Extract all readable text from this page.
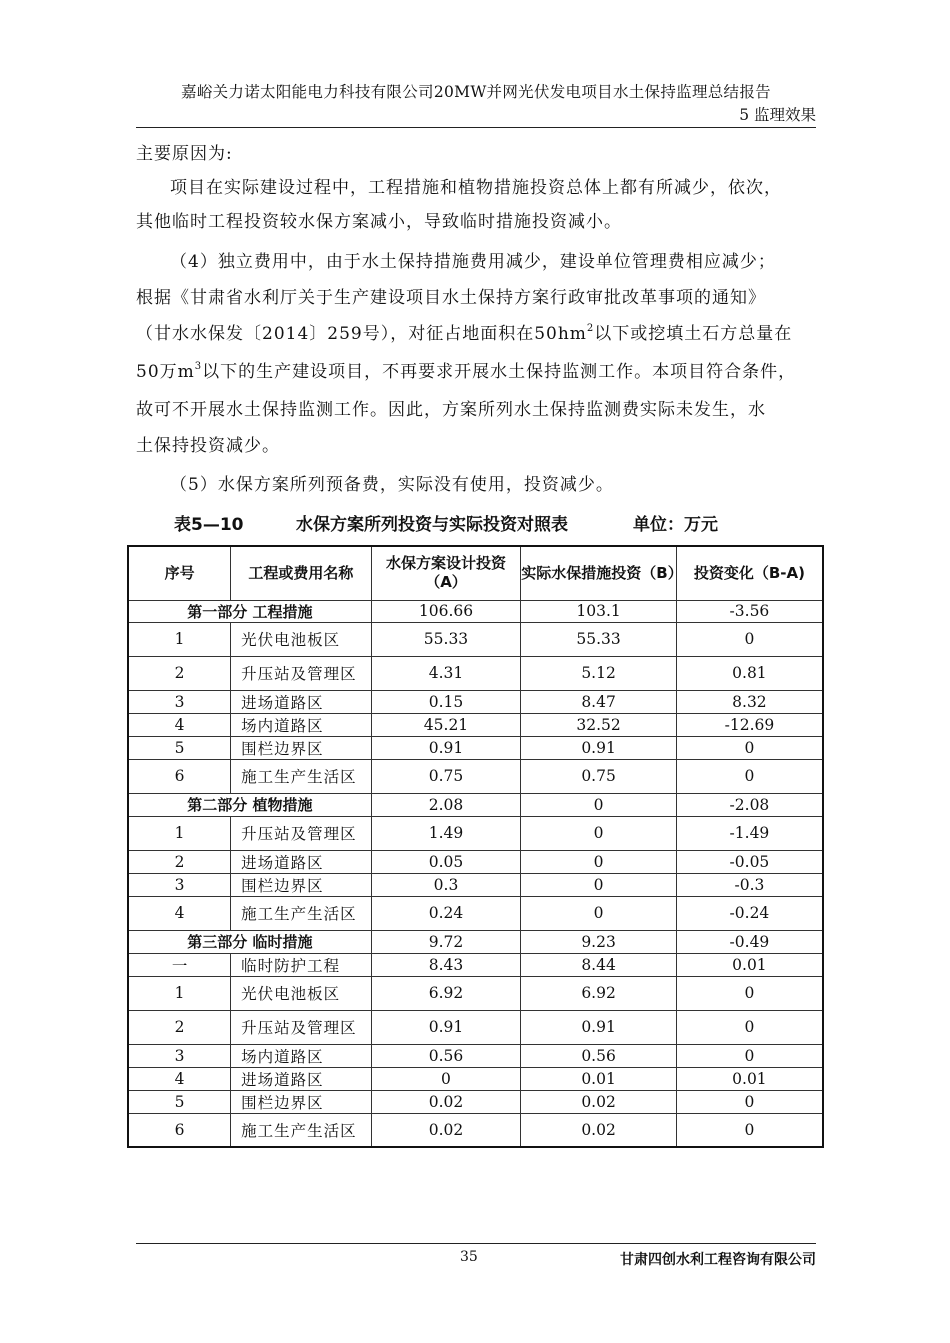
嘉峪关力诺太阳能电力科技有限公司20MW并网光伏发电项目水土保持监理总结报告
5 监理效果
主要原因为:
项目在实际建设过程中，工程措施和植物措施投资总体上都有所减少，依次，
其他临时工程投资较水保方案减小，导致临时措施投资减小。
（4）独立费用中，由于水土保持措施费用减少，建设单位管理费相应减少；
根据《甘肃省水利厅关于生产建设项目水土保持方案行政审批改革事项的通知》
（甘水水保发〔2014〕259号），对征占地面积在$50hm^2$以下或挖填土石方总量在
50万$m^3$以下的生产建设项目，不再要求开展水土保持监测工作。本项目符合条件，
故可不开展水土保持监测工作。因此，方案所列水土保持监测费实际未发生，水
土保持投资减少。
（5）水保方案所列预备费，实际没有使用，投资减少。
表5—10	水保方案所列投资与实际投资对照表	单位：万元
序号	工程或费用名称	水保方案设计投资（A）	实际水保措施投资（B）	投资变化（B-A)
第一部分 工程措施		106.66	103.1	-3.56
1	光伏电池板区	55.33	55.33	0
2	升压站及管理区	4.31	5.12	0.81
3	进场道路区	0.15	8.47	8.32
4	场内道路区	45.21	32.52	-12.69
5	围栏边界区	0.91	0.91	0
6	施工生产生活区	0.75	0.75	0
第二部分 植物措施		2.08	0	-2.08
1	升压站及管理区	1.49	0	-1.49
2	进场道路区	0.05	0	-0.05
3	围栏边界区	0.3	0	-0.3
4	施工生产生活区	0.24	0	-0.24
第三部分 临时措施		9.72	9.23	-0.49
一	临时防护工程	8.43	8.44	0.01
1	光伏电池板区	6.92	6.92	0
2	升压站及管理区	0.91	0.91	0
3	场内道路区	0.56	0.56	0
4	进场道路区	0	0.01	0.01
5	围栏边界区	0.02	0.02	0
6	施工生产生活区	0.02	0.02	0
35	甘肃四创水利工程咨询有限公司
